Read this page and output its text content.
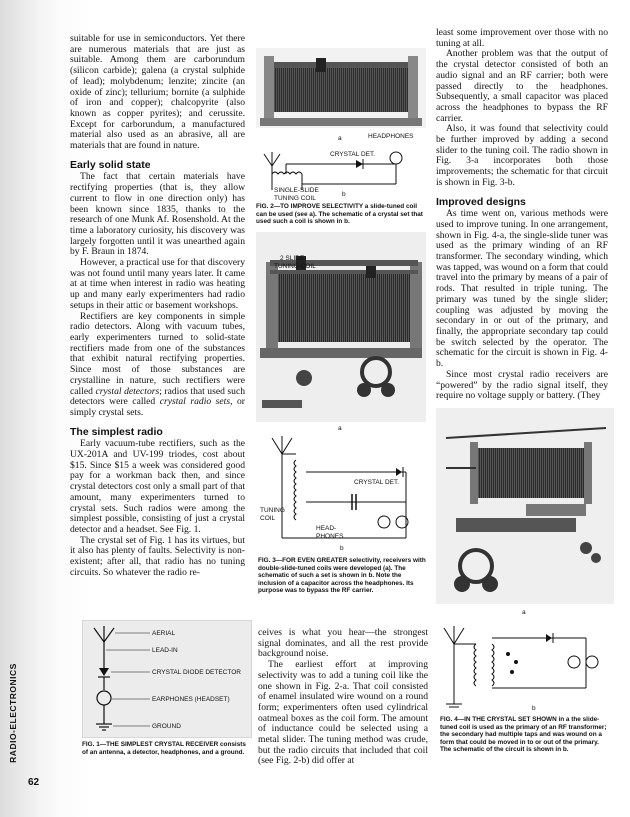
suitable for use in semiconductors. Yet there are numerous materials that are just as suitable. Among them are carborundum (silicon carbide); galena (a crystal sulphide of lead); molybdenum; lenzite; zincite (an oxide of zinc); tellurium; bornite (a sulphide of iron and copper); chalcopyrite (also known as copper pyrites); and cerussite. Except for carborundum, a manufactured material also used as an abrasive, all are materials that are found in nature.

Early solid state

The fact that certain materials have rectifying properties (that is, they allow current to flow in one direction only) has been known since 1835, thanks to the research of one Munk Af. Rosenshold. At the time a laboratory curiosity, his discovery was largely forgotten until it was unearthed again by F. Braun in 1874.

However, a practical use for that discovery was not found until many years later. It came at at time when interest in radio was heating up and many early experimenters had radio setups in their attic or basement workshops.

Rectifiers are key components in simple radio detectors. Along with vacuum tubes, early experimenters turned to solid-state rectifiers made from one of the substances that exhibit natural rectifying properties. Since most of those substances are crystalline in nature, such rectifiers were called crystal detectors; radios that used such detectors were called crystal radio sets, or simply crystal sets.

The simplest radio

Early vacuum-tube rectifiers, such as the UX-201A and UV-199 triodes, cost about $15. Since $15 a week was considered good pay for a workman back then, and since crystal detectors cost only a small part of that amount, many experimenters turned to crystal sets. Such radios were among the simplest possible, consisting of just a crystal detector and a headset. See Fig. 1.

The crystal set of Fig. 1 has its virtues, but it also has plenty of faults. Selectivity is non-existent; after all, that radio has no tuning circuits. So whatever the radio re-

AERIAL
LEAD-IN
CRYSTAL DIODE DETECTOR
EARPHONES (HEADSET)
GROUND
FIG. 1—THE SIMPLEST CRYSTAL RECEIVER consists of an antenna, a detector, headphones, and a ground.
a	HEADPHONES
CRYSTAL DET.
SINGLE-SLIDE
TUNING COIL
b
FIG. 2—TO IMPROVE SELECTIVITY a slide-tuned coil can be used (see a). The schematic of a crystal set that used such a coil is shown in b.
2 SLIDE
TUNING COIL
a
CRYSTAL DET.
TUNING
COIL
HEAD-
PHONES
b
FIG. 3—FOR EVEN GREATER selectivity, receivers with double-slide-tuned coils were developed (a). The schematic of such a set is shown in b. Note the inclusion of a capacitor across the headphones. Its purpose was to bypass the RF carrier.

ceives is what you hear—the strongest signal dominates, and all the rest provide background noise.

The earliest effort at improving selectivity was to add a tuning coil like the one shown in Fig. 2-a. That coil consisted of enamel insulated wire wound on a round form; experimenters often used cylindrical oatmeal boxes as the coil form. The amount of inductance could be selected using a metal slider. The tuning method was crude, but the radio circuits that included that coil (see Fig. 2-b) did offer at

least some improvement over those with no tuning at all.

Another problem was that the output of the crystal detector consisted of both an audio signal and an RF carrier; both were passed directly to the headphones. Subsequently, a small capacitor was placed across the headphones to bypass the RF carrier.

Also, it was found that selectivity could be further improved by adding a second slider to the tuning coil. The radio shown in Fig. 3-a incorporates both those improvements; the schematic for that circuit is shown in Fig. 3-b.

Improved designs

As time went on, various methods were used to improve tuning. In one arrangement, shown in Fig. 4-a, the single-slide tuner was used as the primary winding of an RF transformer. The secondary winding, which was tapped, was wound on a form that could travel into the primary by means of a pair of rods. That resulted in triple tuning. The primary was tuned by the single slider; coupling was adjusted by moving the secondary in or out of the primary, and finally, the appropriate secondary tap could be switch selected by the operator. The schematic for the circuit is shown in Fig. 4-b.

Since most crystal radio receivers are “powered” by the radio signal itself, they require no voltage supply or battery. (They

a
b
FIG. 4—IN THE CRYSTAL SET SHOWN in a the slide-tuned coil is used as the primary of an RF transformer; the secondary had multiple taps and was wound on a form that could be moved in to or out of the primary. The schematic of the circuit is shown in b.
RADIO-ELECTRONICS
62
